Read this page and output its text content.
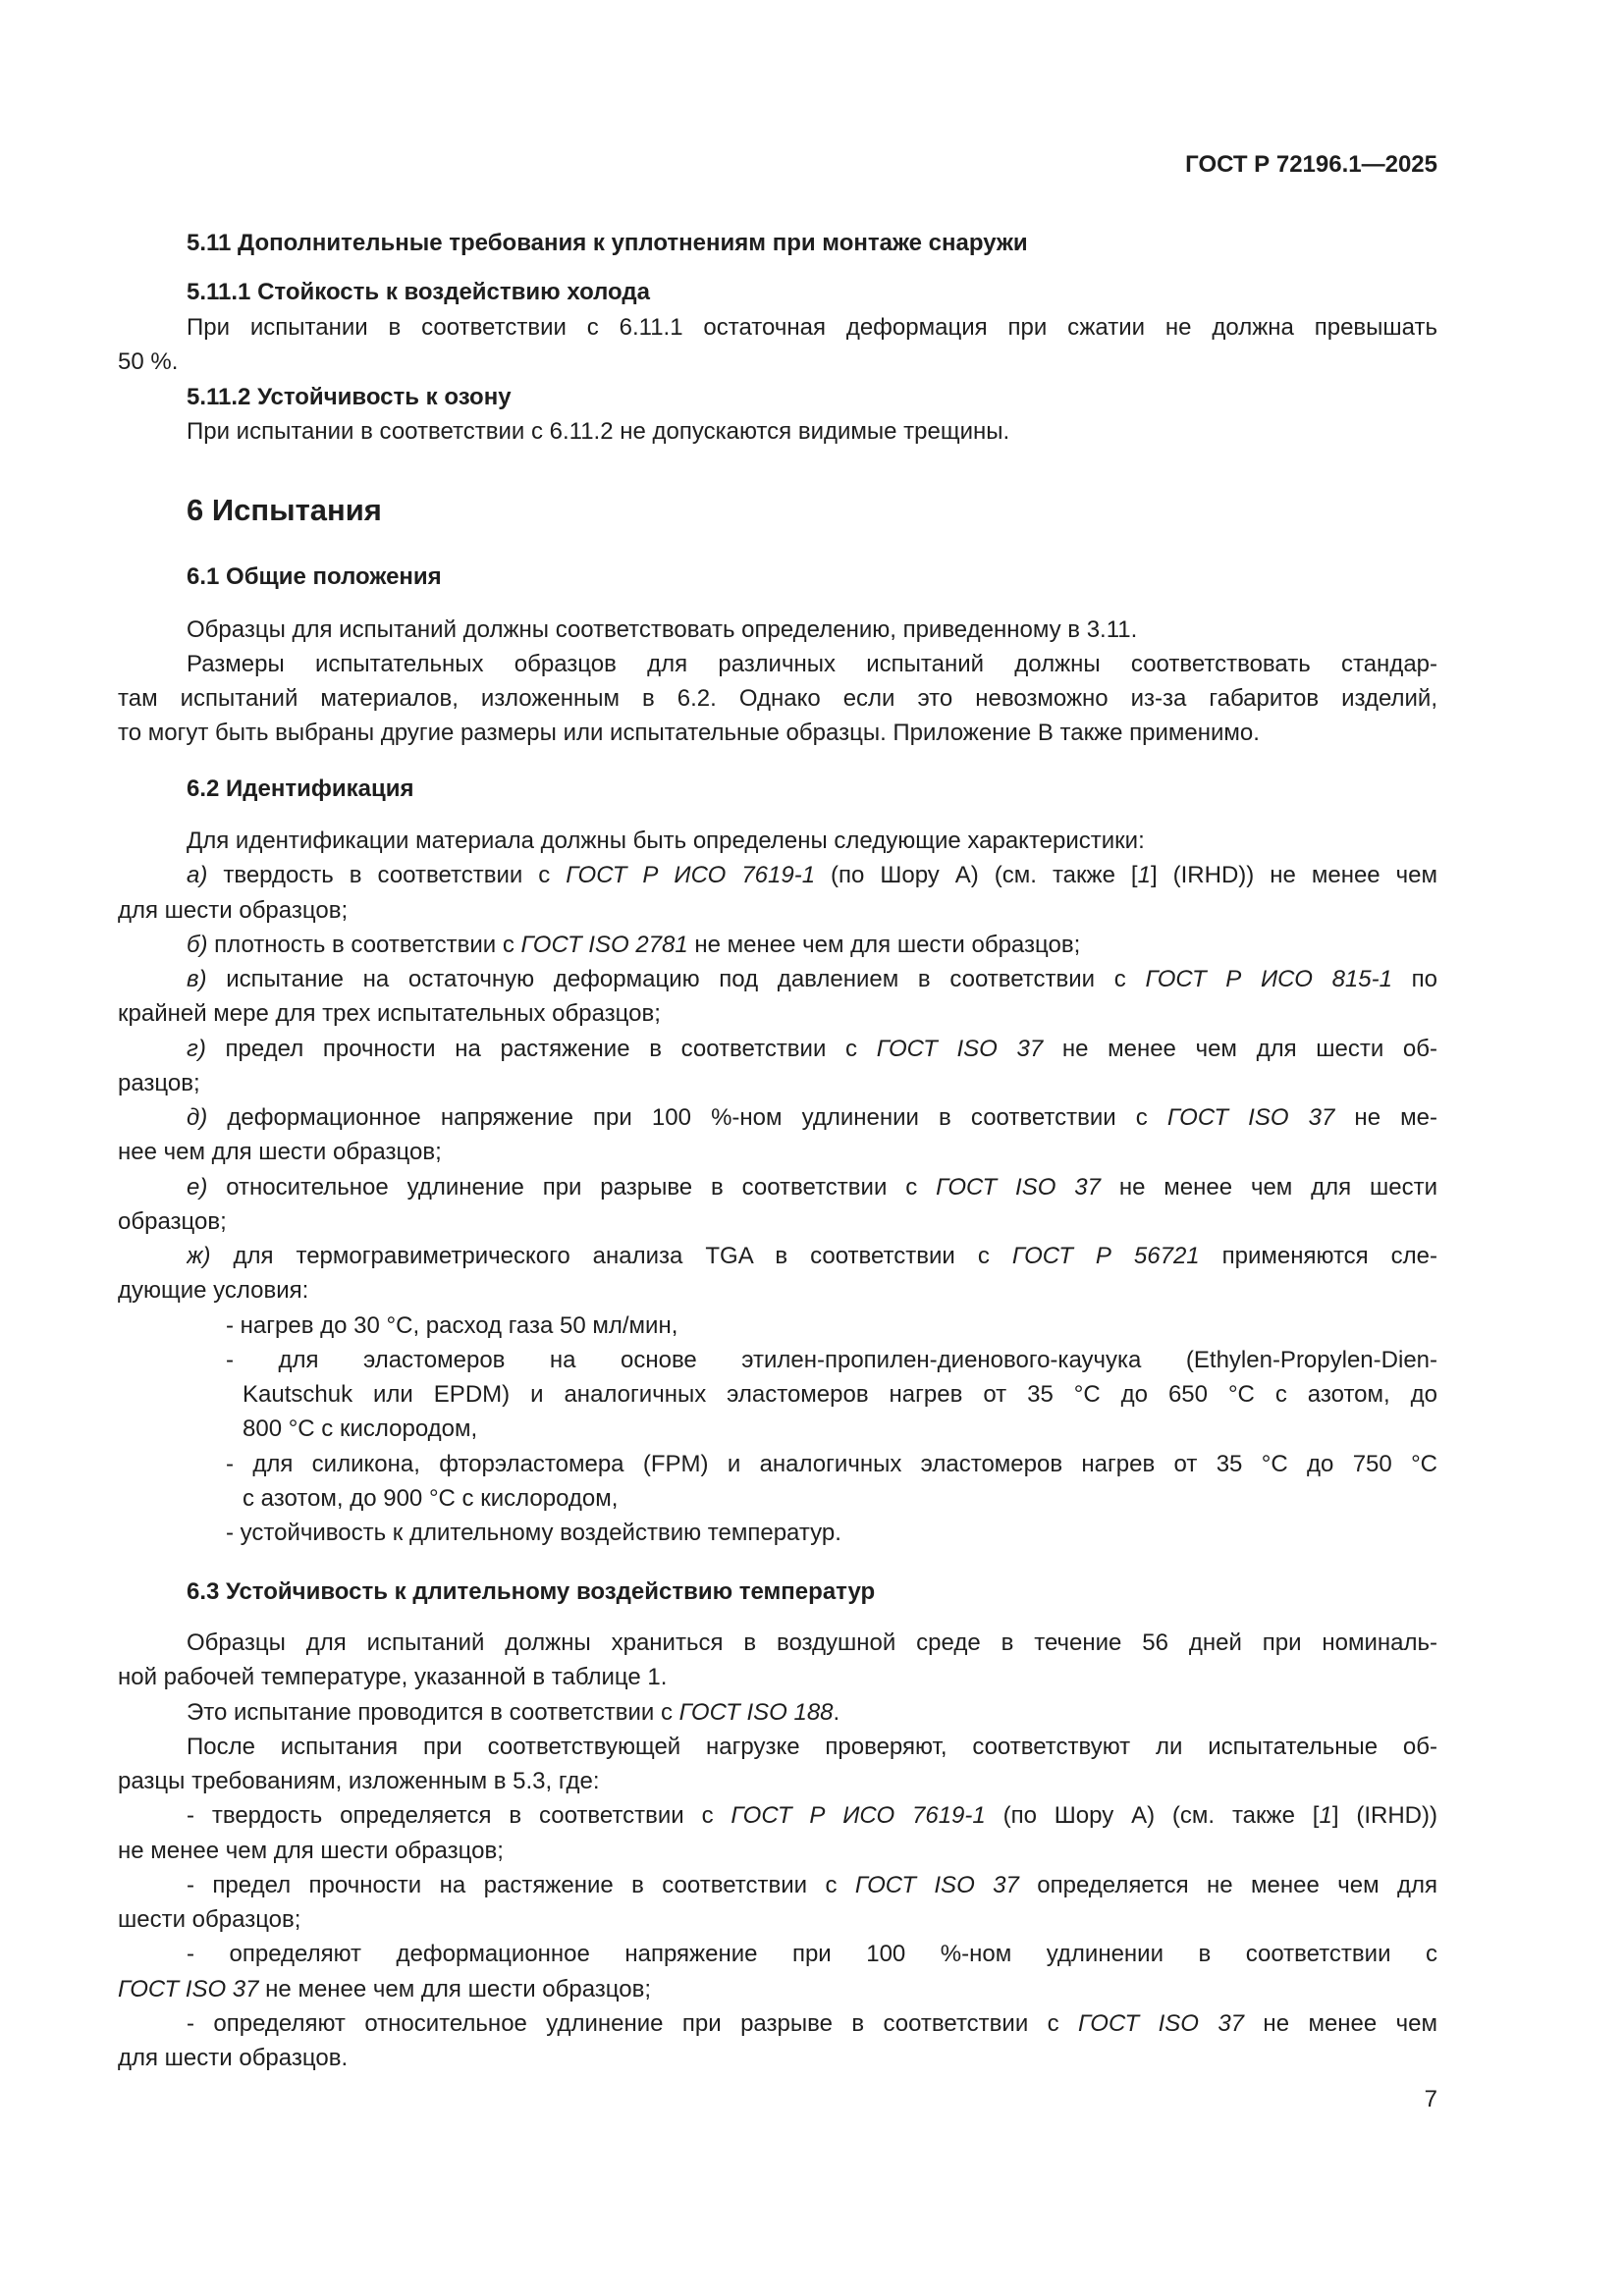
ГОСТ Р 72196.1—2025
5.11 Дополнительные требования к уплотнениям при монтаже снаружи
5.11.1 Стойкость к воздействию холода
При испытании в соответствии с 6.11.1 остаточная деформация при сжатии не должна превышать
50 %.
5.11.2 Устойчивость к озону
При испытании в соответствии с 6.11.2 не допускаются видимые трещины.
6 Испытания
6.1 Общие положения
Образцы для испытаний должны соответствовать определению, приведенному в 3.11.
Размеры испытательных образцов для различных испытаний должны соответствовать стандар-
там испытаний материалов, изложенным в 6.2. Однако если это невозможно из-за габаритов изделий,
то могут быть выбраны другие размеры или испытательные образцы. Приложение В также применимо.
6.2 Идентификация
Для идентификации материала должны быть определены следующие характеристики:
а) твердость в соответствии с ГОСТ Р ИСО 7619-1 (по Шору А) (см. также [1] (IRHD)) не менее чем
для шести образцов;
б) плотность в соответствии с ГОСТ ISO 2781 не менее чем для шести образцов;
в) испытание на остаточную деформацию под давлением в соответствии с ГОСТ Р ИСО 815-1 по
крайней мере для трех испытательных образцов;
г) предел прочности на растяжение в соответствии с ГОСТ ISO 37 не менее чем для шести об-
разцов;
д) деформационное напряжение при 100 %-ном удлинении в соответствии с ГОСТ ISO 37 не ме-
нее чем для шести образцов;
е) относительное удлинение при разрыве в соответствии с ГОСТ ISO 37 не менее чем для шести
образцов;
ж) для термогравиметрического анализа TGA в соответствии с ГОСТ Р 56721 применяются сле-
дующие условия:
- нагрев до 30 °С, расход газа 50 мл/мин,
- для эластомеров на основе этилен-пропилен-диенового-каучука (Ethylen-Propylen-Dien-
Kautschuk или EPDM) и аналогичных эластомеров нагрев от 35 °С до 650 °С с азотом, до
800 °С с кислородом,
- для силикона, фторэластомера (FPM) и аналогичных эластомеров нагрев от 35 °С до 750 °С
с азотом, до 900 °С с кислородом,
- устойчивость к длительному воздействию температур.
6.3 Устойчивость к длительному воздействию температур
Образцы для испытаний должны храниться в воздушной среде в течение 56 дней при номиналь-
ной рабочей температуре, указанной в таблице 1.
Это испытание проводится в соответствии с ГОСТ ISO 188.
После испытания при соответствующей нагрузке проверяют, соответствуют ли испытательные об-
разцы требованиям, изложенным в 5.3, где:
- твердость определяется в соответствии с ГОСТ Р ИСО 7619-1 (по Шору А) (см. также [1] (IRHD))
не менее чем для шести образцов;
- предел прочности на растяжение в соответствии с ГОСТ ISO 37 определяется не менее чем для
шести образцов;
- определяют деформационное напряжение при 100 %-ном удлинении в соответствии с
ГОСТ ISO 37 не менее чем для шести образцов;
- определяют относительное удлинение при разрыве в соответствии с ГОСТ ISO 37 не менее чем
для шести образцов.
7
